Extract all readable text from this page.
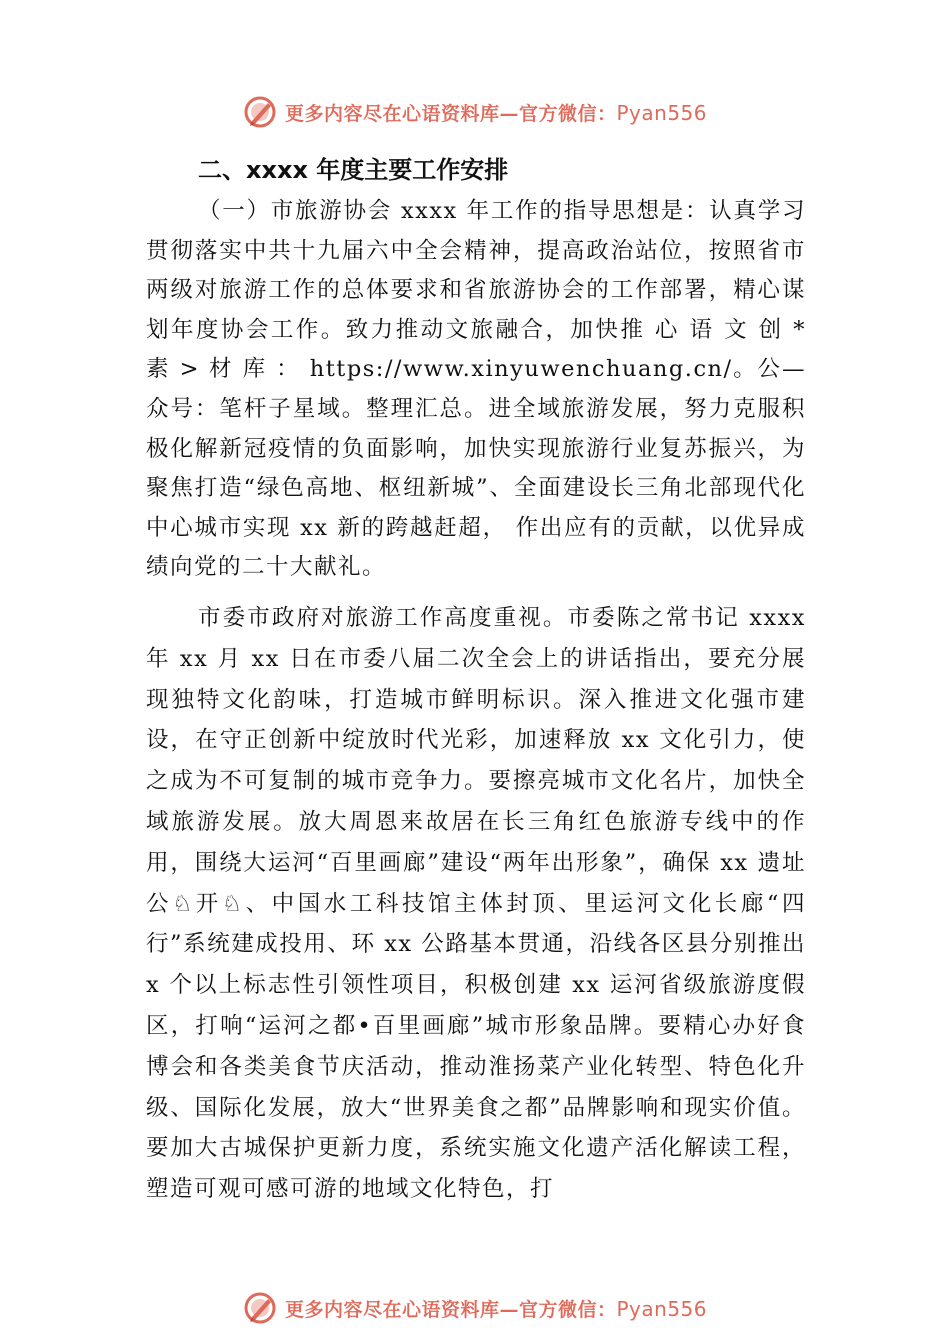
更多内容尽在心语资料库—官方微信：Pyan556
二、xxxx 年度主要工作安排

（一）市旅游协会 xxxx 年工作的指导思想是：认真学习贯彻落实中共十九届六中全会精神，提高政治站位，按照省市两级对旅游工作的总体要求和省旅游协会的工作部署，精心谋划年度协会工作。致力推动文旅融合，加快推 心 语 文 创 * 素 > 材 库 ： https://www.xinyuwenchuang.cn/。公—众号：笔杆子星域。整理汇总。进全域旅游发展，努力克服积极化解新冠疫情的负面影响，加快实现旅游行业复苏振兴，为聚焦打造“绿色高地、枢纽新城”、全面建设长三角北部现代化中心城市实现 xx 新的跨越赶超， 作出应有的贡献，以优异成绩向党的二十大献礼。

市委市政府对旅游工作高度重视。市委陈之常书记 xxxx 年 xx 月 xx 日在市委八届二次全会上的讲话指出，要充分展现独特文化韵味，打造城市鲜明标识。深入推进文化强市建设，在守正创新中绽放时代光彩，加速释放 xx 文化引力，使之成为不可复制的城市竞争力。要擦亮城市文化名片，加快全域旅游发展。放大周恩来故居在长三角红色旅游专线中的作用，围绕大运河“百里画廊”建设“两年出形象”，确保 xx 遗址公♘开♘、中国水工科技馆主体封顶、里运河文化长廊“四行”系统建成投用、环 xx 公路基本贯通，沿线各区县分别推出 x 个以上标志性引领性项目，积极创建 xx 运河省级旅游度假区，打响“运河之都•百里画廊”城市形象品牌。要精心办好食博会和各类美食节庆活动，推动淮扬菜产业化转型、特色化升级、国际化发展，放大“世界美食之都”品牌影响和现实价值。要加大古城保护更新力度，系统实施文化遗产活化解读工程，塑造可观可感可游的地域文化特色，打

更多内容尽在心语资料库—官方微信：Pyan556
